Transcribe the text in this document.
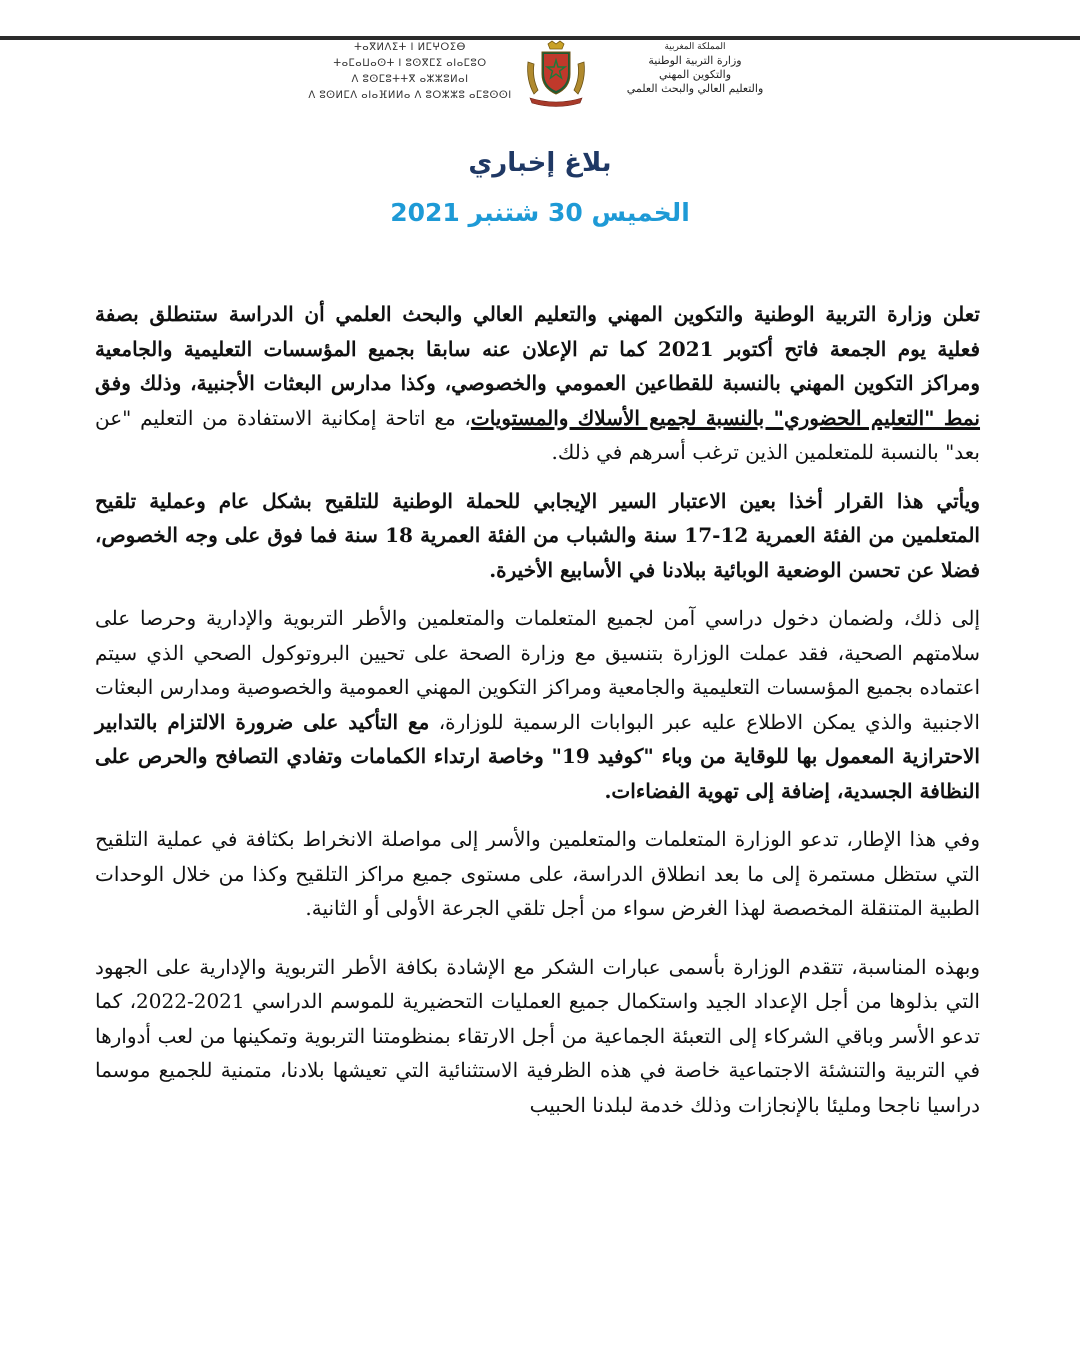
ⵜⴰⴳⵍⴷⵉⵜ ⵏ ⵍⵎⵖⵔⵉⴱ
ⵜⴰⵎⴰⵡⴰⵙⵜ ⵏ ⵓⵙⴳⵎⵉ ⴰⵏⴰⵎⵓⵔ
ⴷ ⵓⵙⵎⵓⵜⵜⴳ ⴰⵣⵣⵓⵍⴰⵏ
ⴷ ⵓⵙⵍⵎⴷ ⴰⵏⴰⴼⵍⵍⴰ ⴷ ⵓⵔⵣⵣⵓ ⴰⵎⵓⵙⵙⵏ
المملكة المغربية
وزارة التربية الوطنية
والتكوين المهني
والتعليم العالي والبحث العلمي
بلاغ إخباري
الخميس 30 شتنبر 2021

تعلن وزارة التربية الوطنية والتكوين المهني والتعليم العالي والبحث العلمي أن الدراسة ستنطلق بصفة فعلية يوم الجمعة فاتح أكتوبر 2021 كما تم الإعلان عنه سابقا بجميع المؤسسات التعليمية والجامعية ومراكز التكوين المهني بالنسبة للقطاعين العمومي والخصوصي، وكذا مدارس البعثات الأجنبية، وذلك وفق نمط "التعليم الحضوري" بالنسبة لجميع الأسلاك والمستويات، مع اتاحة إمكانية الاستفادة من التعليم "عن بعد" بالنسبة للمتعلمين الذين ترغب أسرهم في ذلك.

ويأتي هذا القرار أخذا بعين الاعتبار السير الإيجابي للحملة الوطنية للتلقيح بشكل عام وعملية تلقيح المتعلمين من الفئة العمرية 12-17 سنة والشباب من الفئة العمرية 18 سنة فما فوق على وجه الخصوص، فضلا عن تحسن الوضعية الوبائية ببلادنا في الأسابيع الأخيرة.

إلى ذلك، ولضمان دخول دراسي آمن لجميع المتعلمات والمتعلمين والأطر التربوية والإدارية وحرصا على سلامتهم الصحية، فقد عملت الوزارة بتنسيق مع وزارة الصحة على تحيين البروتوكول الصحي الذي سيتم اعتماده بجميع المؤسسات التعليمية والجامعية ومراكز التكوين المهني العمومية والخصوصية ومدارس البعثات الاجنبية والذي يمكن الاطلاع عليه عبر البوابات الرسمية للوزارة، مع التأكيد على ضرورة الالتزام بالتدابير الاحترازية المعمول بها للوقاية من وباء "كوفيد 19" وخاصة ارتداء الكمامات وتفادي التصافح والحرص على النظافة الجسدية، إضافة إلى تهوية الفضاءات.

وفي هذا الإطار، تدعو الوزارة المتعلمات والمتعلمين والأسر إلى مواصلة الانخراط بكثافة في عملية التلقيح التي ستظل مستمرة إلى ما بعد انطلاق الدراسة، على مستوى جميع مراكز التلقيح وكذا من خلال الوحدات الطبية المتنقلة المخصصة لهذا الغرض سواء من أجل تلقي الجرعة الأولى أو الثانية.

وبهذه المناسبة، تتقدم الوزارة بأسمى عبارات الشكر مع الإشادة بكافة الأطر التربوية والإدارية على الجهود التي بذلوها من أجل الإعداد الجيد واستكمال جميع العمليات التحضيرية للموسم الدراسي 2021-2022، كما تدعو الأسر وباقي الشركاء إلى التعبئة الجماعية من أجل الارتقاء بمنظومتنا التربوية وتمكينها من لعب أدوارها في التربية والتنشئة الاجتماعية خاصة في هذه الظرفية الاستثنائية التي تعيشها بلادنا، متمنية للجميع موسما دراسيا ناجحا ومليئا بالإنجازات وذلك خدمة لبلدنا الحبيب
